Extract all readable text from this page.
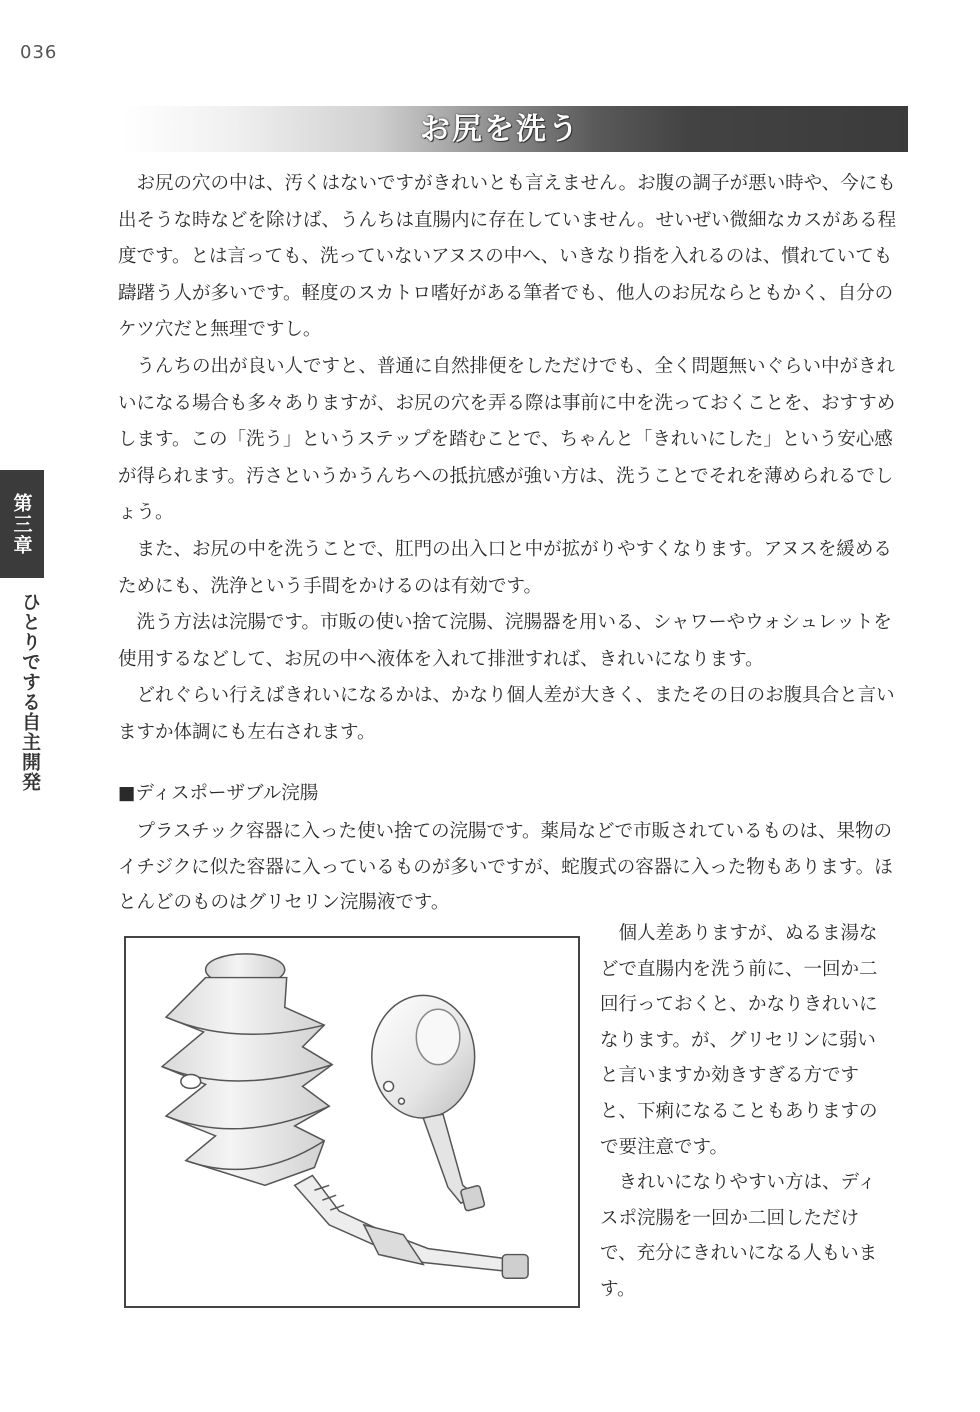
036
お尻を洗う
第三章
ひとりでする自主開発

お尻の穴の中は、汚くはないですがきれいとも言えません。お腹の調子が悪い時や、今にも出そうな時などを除けば、うんちは直腸内に存在していません。せいぜい微細なカスがある程度です。とは言っても、洗っていないアヌスの中へ、いきなり指を入れるのは、慣れていても躊躇う人が多いです。軽度のスカトロ嗜好がある筆者でも、他人のお尻ならともかく、自分のケツ穴だと無理ですし。

うんちの出が良い人ですと、普通に自然排便をしただけでも、全く問題無いぐらい中がきれいになる場合も多々ありますが、お尻の穴を弄る際は事前に中を洗っておくことを、おすすめします。この「洗う」というステップを踏むことで、ちゃんと「きれいにした」という安心感が得られます。汚さというかうんちへの抵抗感が強い方は、洗うことでそれを薄められるでしょう。

また、お尻の中を洗うことで、肛門の出入口と中が拡がりやすくなります。アヌスを緩めるためにも、洗浄という手間をかけるのは有効です。

洗う方法は浣腸です。市販の使い捨て浣腸、浣腸器を用いる、シャワーやウォシュレットを使用するなどして、お尻の中へ液体を入れて排泄すれば、きれいになります。

どれぐらい行えばきれいになるかは、かなり個人差が大きく、またその日のお腹具合と言いますか体調にも左右されます。

■ディスポーザブル浣腸

プラスチック容器に入った使い捨ての浣腸です。薬局などで市販されているものは、果物のイチジクに似た容器に入っているものが多いですが、蛇腹式の容器に入った物もあります。ほとんどのものはグリセリン浣腸液です。

個人差ありますが、ぬるま湯などで直腸内を洗う前に、一回か二回行っておくと、かなりきれいになります。が、グリセリンに弱いと言いますか効きすぎる方ですと、下痢になることもありますので要注意です。

きれいになりやすい方は、ディスポ浣腸を一回か二回しただけで、充分にきれいになる人もいます。
